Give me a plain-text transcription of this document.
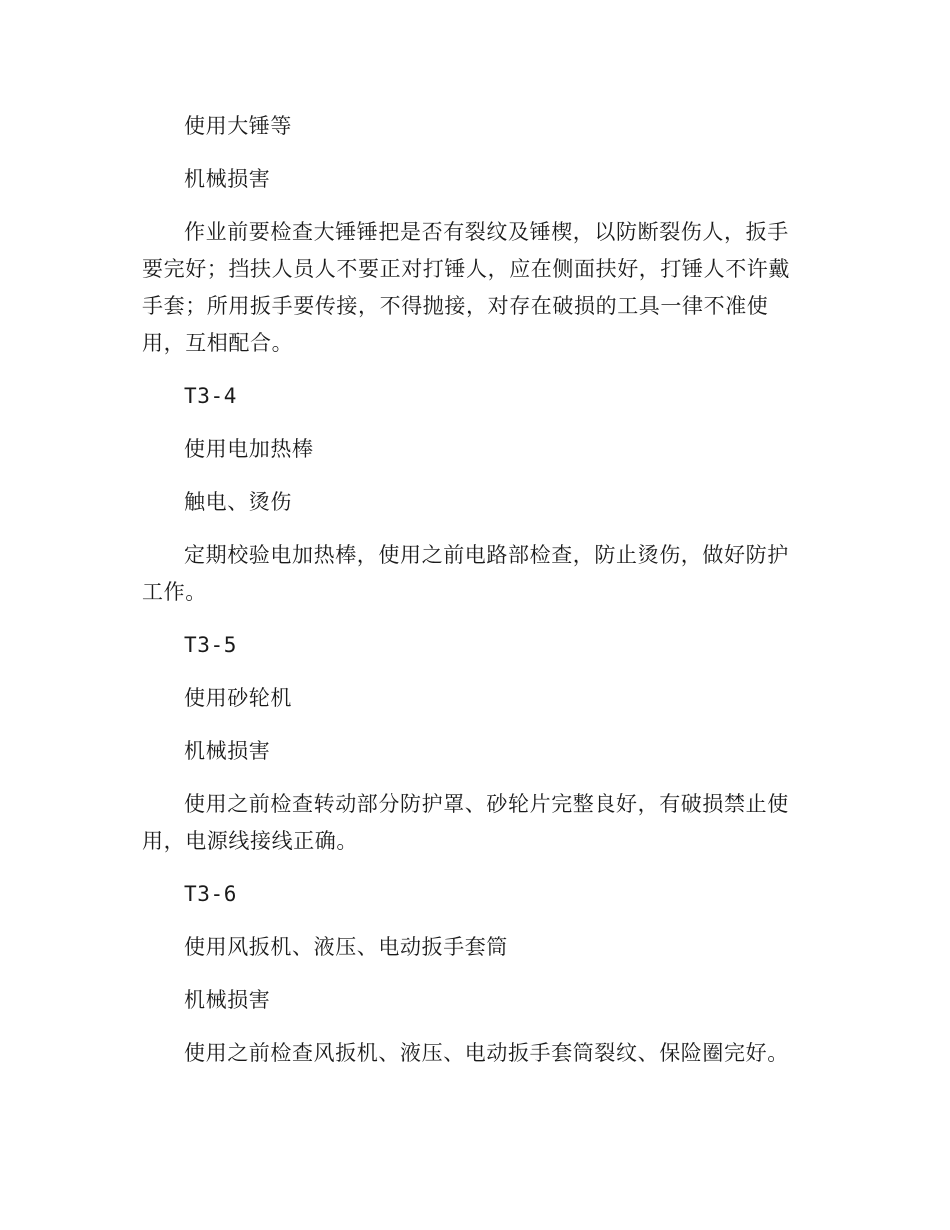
使用大锤等

机械损害

作业前要检查大锤锤把是否有裂纹及锤楔，以防断裂伤人，扳手要完好；挡扶人员人不要正对打锤人，应在侧面扶好，打锤人不许戴手套；所用扳手要传接，不得抛接，对存在破损的工具一律不准使用，互相配合。

T3-4

使用电加热棒

触电、烫伤

定期校验电加热棒，使用之前电路部检查，防止烫伤，做好防护工作。

T3-5

使用砂轮机

机械损害

使用之前检查转动部分防护罩、砂轮片完整良好，有破损禁止使用，电源线接线正确。

T3-6

使用风扳机、液压、电动扳手套筒

机械损害

使用之前检查风扳机、液压、电动扳手套筒裂纹、保险圈完好。
